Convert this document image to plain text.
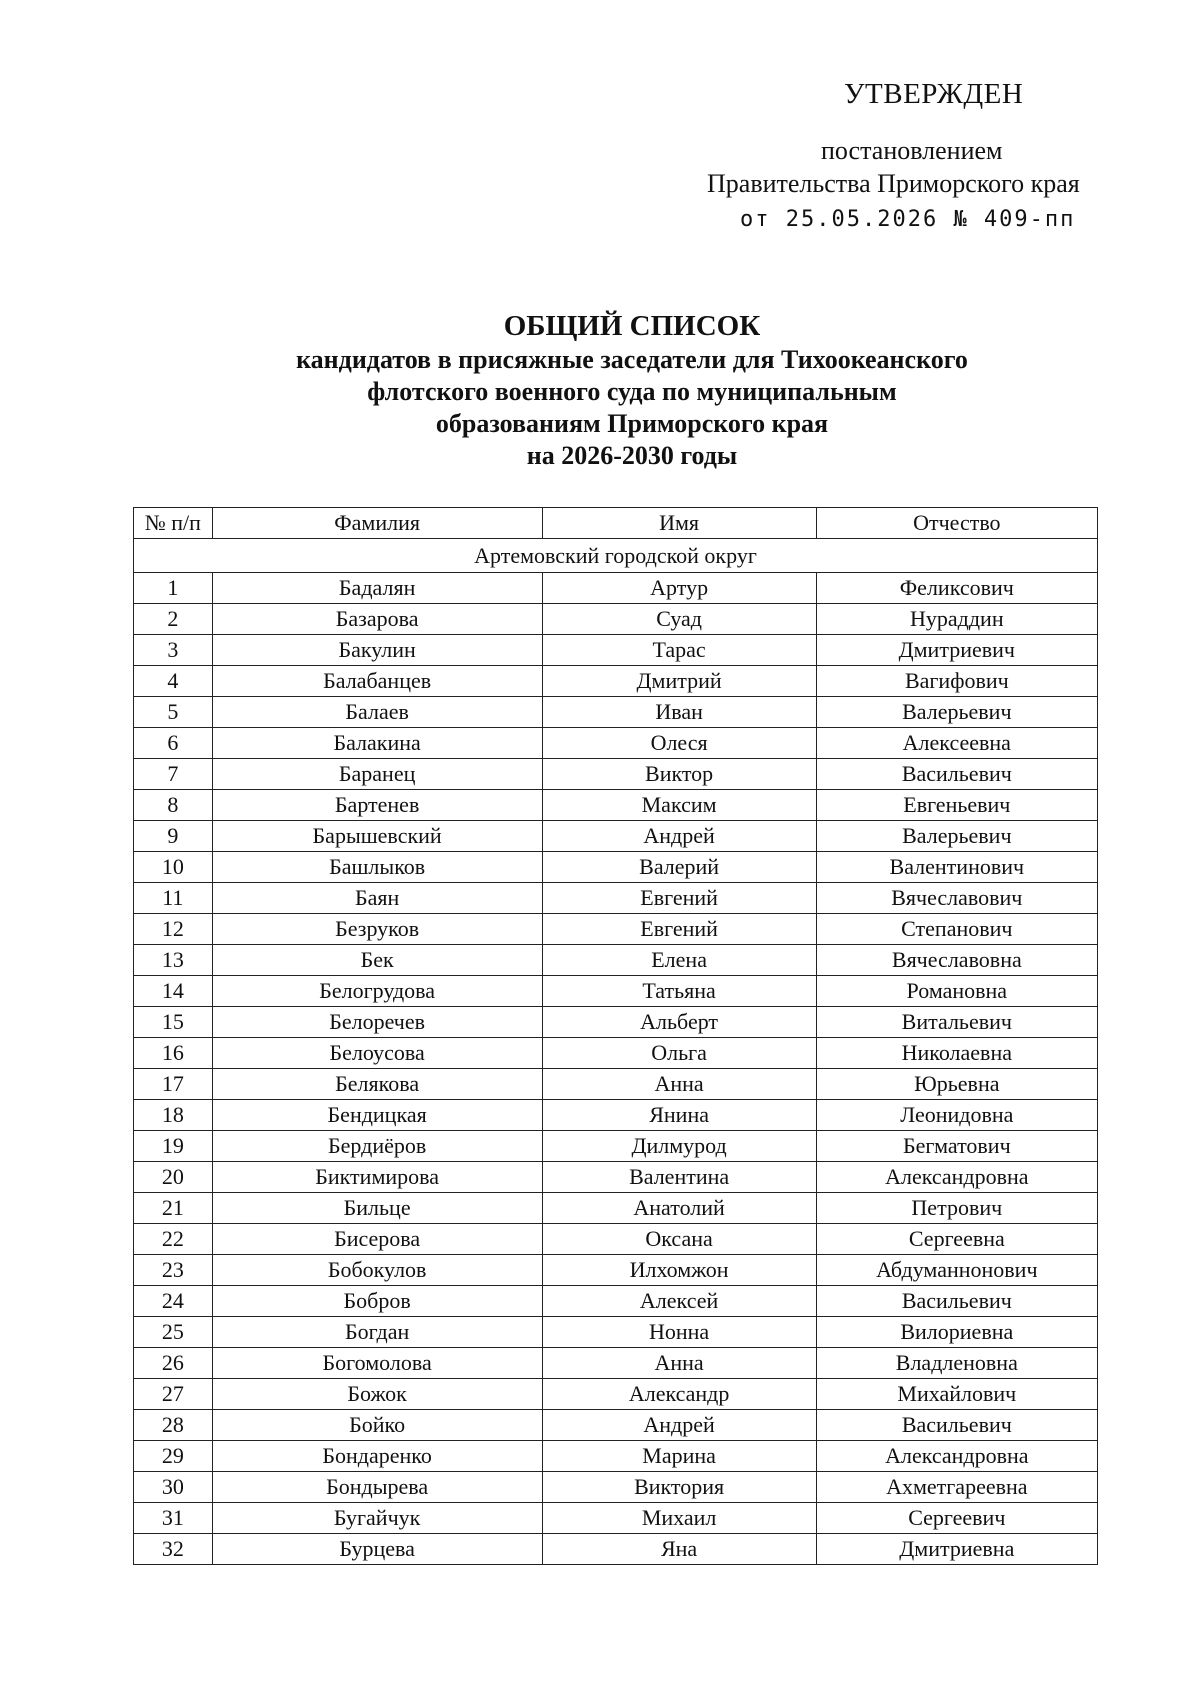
УТВЕРЖДЕН
постановлением
Правительства Приморского края
от 25.05.2026 № 409-пп
ОБЩИЙ СПИСОК
кандидатов в присяжные заседатели для Тихоокеанского
флотского военного суда по муниципальным
образованиям Приморского края
на 2026-2030 годы
№ п/п	Фамилия	Имя	Отчество
Артемовский городской округ			
1	Бадалян	Артур	Феликсович
2	Базарова	Суад	Нураддин
3	Бакулин	Тарас	Дмитриевич
4	Балабанцев	Дмитрий	Вагифович
5	Балаев	Иван	Валерьевич
6	Балакина	Олеся	Алексеевна
7	Баранец	Виктор	Васильевич
8	Бартенев	Максим	Евгеньевич
9	Барышевский	Андрей	Валерьевич
10	Башлыков	Валерий	Валентинович
11	Баян	Евгений	Вячеславович
12	Безруков	Евгений	Степанович
13	Бек	Елена	Вячеславовна
14	Белогрудова	Татьяна	Романовна
15	Белоречев	Альберт	Витальевич
16	Белоусова	Ольга	Николаевна
17	Белякова	Анна	Юрьевна
18	Бендицкая	Янина	Леонидовна
19	Бердиёров	Дилмурод	Бегматович
20	Биктимирова	Валентина	Александровна
21	Бильце	Анатолий	Петрович
22	Бисерова	Оксана	Сергеевна
23	Бобокулов	Илхомжон	Абдуманнонович
24	Бобров	Алексей	Васильевич
25	Богдан	Нонна	Вилориевна
26	Богомолова	Анна	Владленовна
27	Божок	Александр	Михайлович
28	Бойко	Андрей	Васильевич
29	Бондаренко	Марина	Александровна
30	Бондырева	Виктория	Ахметгареевна
31	Бугайчук	Михаил	Сергеевич
32	Бурцева	Яна	Дмитриевна
